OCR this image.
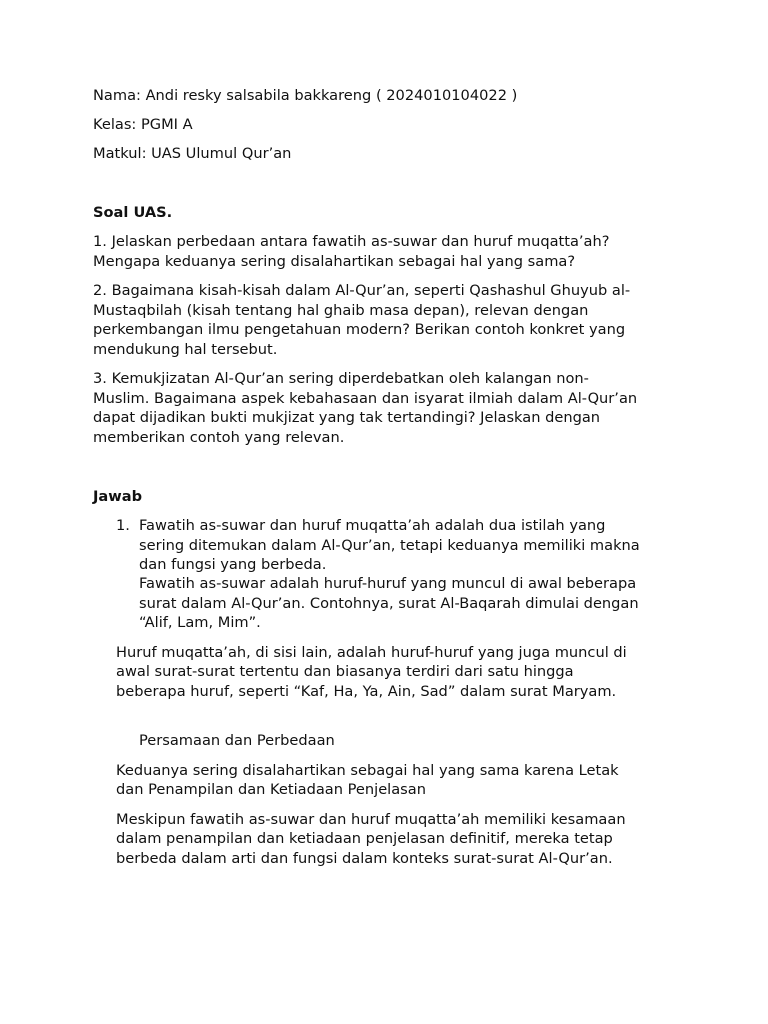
Nama: Andi resky salsabila bakkareng ( 2024010104022 )

Kelas: PGMI A

Matkul: UAS Ulumul Qur’an

Soal UAS.

1. Jelaskan perbedaan antara fawatih as-suwar dan huruf muqatta’ah?

Mengapa keduanya sering disalahartikan sebagai hal yang sama?

2. Bagaimana kisah-kisah dalam Al-Qur’an, seperti Qashashul Ghuyub al-

Mustaqbilah (kisah tentang hal ghaib masa depan), relevan dengan

perkembangan ilmu pengetahuan modern? Berikan contoh konkret yang

mendukung hal tersebut.

3. Kemukjizatan Al-Qur’an sering diperdebatkan oleh kalangan non-

Muslim. Bagaimana aspek kebahasaan dan isyarat ilmiah dalam Al-Qur’an

dapat dijadikan bukti mukjizat yang tak tertandingi? Jelaskan dengan

memberikan contoh yang relevan.

Jawab

1. Fawatih as-suwar dan huruf muqatta’ah adalah dua istilah yang

sering ditemukan dalam Al-Qur’an, tetapi keduanya memiliki makna

dan fungsi yang berbeda.

Fawatih as-suwar adalah huruf-huruf yang muncul di awal beberapa

surat dalam Al-Qur’an. Contohnya, surat Al-Baqarah dimulai dengan

“Alif, Lam, Mim”.

Huruf muqatta’ah, di sisi lain, adalah huruf-huruf yang juga muncul di

awal surat-surat tertentu dan biasanya terdiri dari satu hingga

beberapa huruf, seperti “Kaf, Ha, Ya, Ain, Sad” dalam surat Maryam.

Persamaan dan Perbedaan

Keduanya sering disalahartikan sebagai hal yang sama karena Letak

dan Penampilan dan Ketiadaan Penjelasan

Meskipun fawatih as-suwar dan huruf muqatta’ah memiliki kesamaan

dalam penampilan dan ketiadaan penjelasan definitif, mereka tetap

berbeda dalam arti dan fungsi dalam konteks surat-surat Al-Qur’an.
